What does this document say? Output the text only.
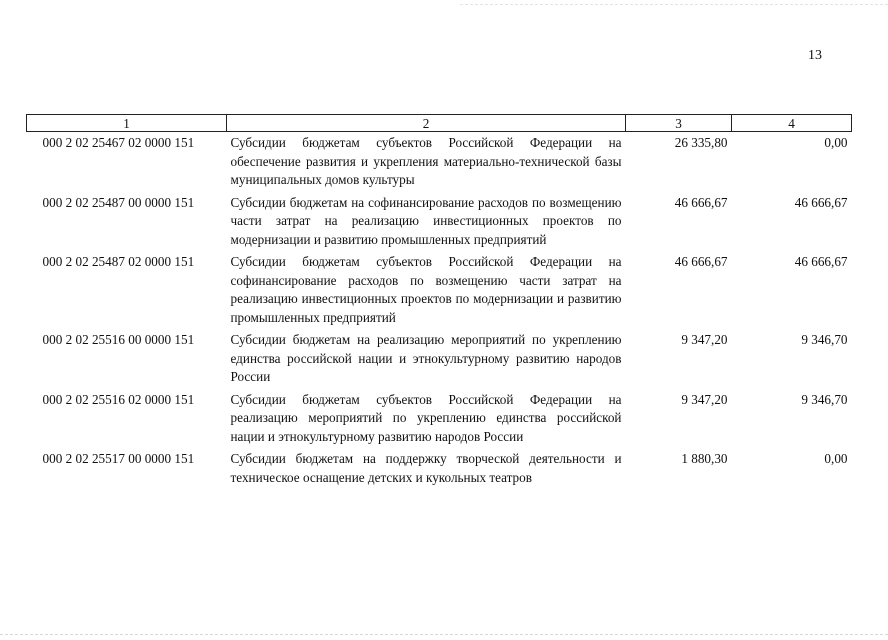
13
1	2	3	4
000 2 02 25467 02 0000 151	Субсидии бюджетам субъектов Российской Федерации на обеспечение развития и укрепления материально-технической базы муниципальных домов культуры	26 335,80	0,00
000 2 02 25487 00 0000 151	Субсидии бюджетам на софинансирование расходов по возмещению части затрат на реализацию инвестиционных проектов по модернизации и развитию промышленных предприятий	46 666,67	46 666,67
000 2 02 25487 02 0000 151	Субсидии бюджетам субъектов Российской Федерации на софинансирование расходов по возмещению части затрат на реализацию инвестиционных проектов по модернизации и развитию промышленных предприятий	46 666,67	46 666,67
000 2 02 25516 00 0000 151	Субсидии бюджетам на реализацию мероприятий по укреплению единства российской нации и этнокультурному развитию народов России	9 347,20	9 346,70
000 2 02 25516 02 0000 151	Субсидии бюджетам субъектов Российской Федерации на реализацию мероприятий по укреплению единства российской нации и этнокультурному развитию народов России	9 347,20	9 346,70
000 2 02 25517 00 0000 151	Субсидии бюджетам на поддержку творческой деятельности и техническое оснащение детских и кукольных театров	1 880,30	0,00
